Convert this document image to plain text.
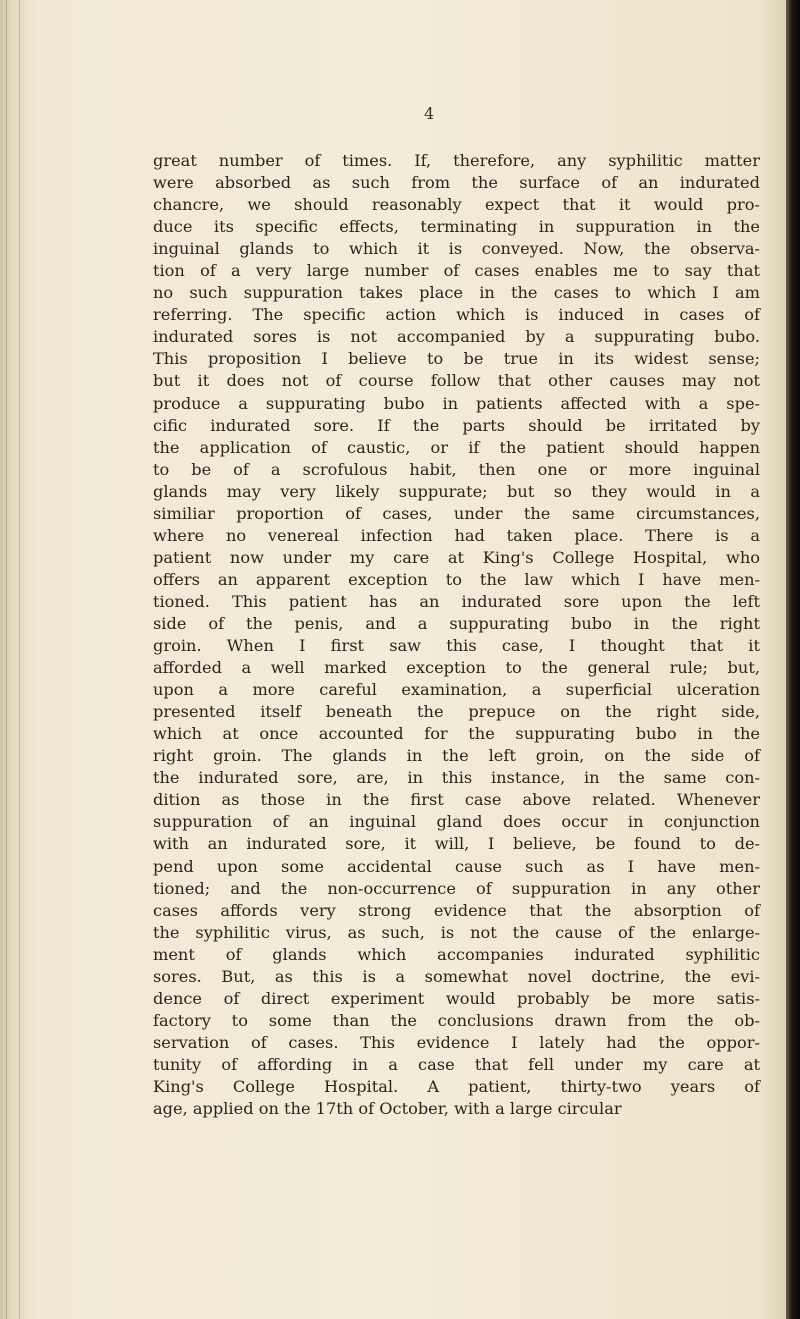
4

great number of times. If, therefore, any syphilitic matter
were absorbed as such from the surface of an indurated
chancre, we should reasonably expect that it would pro-
duce its specific effects, terminating in suppuration in the
inguinal glands to which it is conveyed. Now, the observa-
tion of a very large number of cases enables me to say that
no such suppuration takes place in the cases to which I am
referring. The specific action which is induced in cases of
indurated sores is not accompanied by a suppurating bubo.
This proposition I believe to be true in its widest sense;
but it does not of course follow that other causes may not
produce a suppurating bubo in patients affected with a spe-
cific indurated sore. If the parts should be irritated by
the application of caustic, or if the patient should happen
to be of a scrofulous habit, then one or more inguinal
glands may very likely suppurate; but so they would in a
similiar proportion of cases, under the same circumstances,
where no venereal infection had taken place. There is a
patient now under my care at King's College Hospital, who
offers an apparent exception to the law which I have men-
tioned. This patient has an indurated sore upon the left
side of the penis, and a suppurating bubo in the right
groin. When I first saw this case, I thought that it
afforded a well marked exception to the general rule; but,
upon a more careful examination, a superficial ulceration
presented itself beneath the prepuce on the right side,
which at once accounted for the suppurating bubo in the
right groin. The glands in the left groin, on the side of
the indurated sore, are, in this instance, in the same con-
dition as those in the first case above related. Whenever
suppuration of an inguinal gland does occur in conjunction
with an indurated sore, it will, I believe, be found to de-
pend upon some accidental cause such as I have men-
tioned; and the non-occurrence of suppuration in any other
cases affords very strong evidence that the absorption of
the syphilitic virus, as such, is not the cause of the enlarge-
ment of glands which accompanies indurated syphilitic
sores. But, as this is a somewhat novel doctrine, the evi-
dence of direct experiment would probably be more satis-
factory to some than the conclusions drawn from the ob-
servation of cases. This evidence I lately had the oppor-
tunity of affording in a case that fell under my care at
King's College Hospital. A patient, thirty-two years of
age, applied on the 17th of October, with a large circular
